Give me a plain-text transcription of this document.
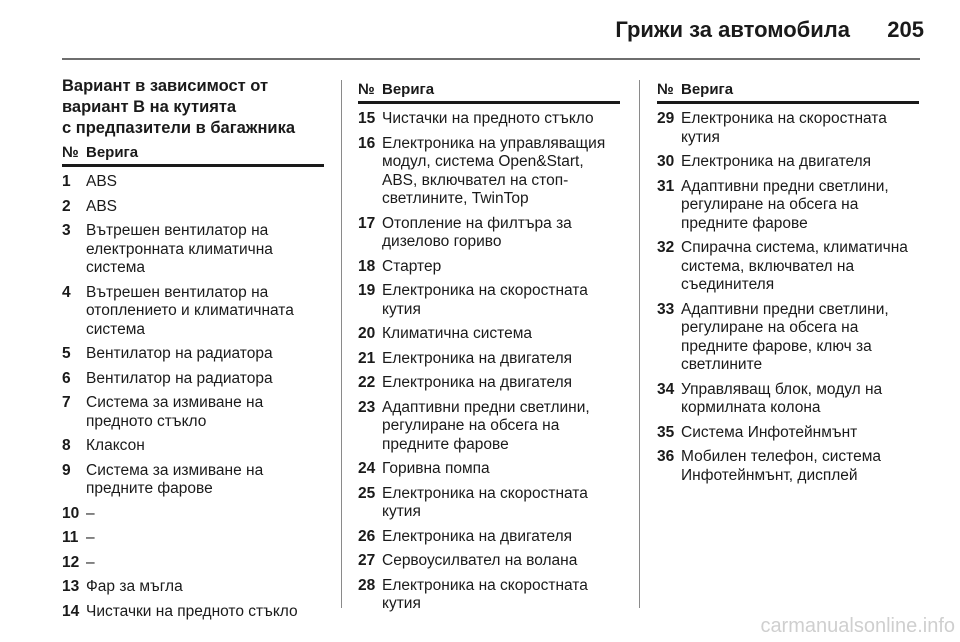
Грижи за автомобила	205
Вариант в зависимост от
вариант B на кутията
с предпазители в багажника
№ Верига
1 ABS
2 ABS
3 Вътрешен вентилатор на електронната климатична система
4 Вътрешен вентилатор на отоплението и климатичната система
5 Вентилатор на радиатора
6 Вентилатор на радиатора
7 Система за измиване на предното стъкло
8 Клаксон
9 Система за измиване на предните фарове
10 –
11 –
12 –
13 Фар за мъгла
14 Чистачки на предното стъкло
№ Верига
15 Чистачки на предното стъкло
16 Електроника на управляващия модул, система Open&Start, ABS, включвател на стоп-светлините, TwinTop
17 Отопление на филтъра за дизелово гориво
18 Стартер
19 Електроника на скоростната кутия
20 Климатична система
21 Електроника на двигателя
22 Електроника на двигателя
23 Адаптивни предни светлини, регулиране на обсега на предните фарове
24 Горивна помпа
25 Електроника на скоростната кутия
26 Електроника на двигателя
27 Сервоусилвател на волана
28 Електроника на скоростната кутия
№ Верига
29 Електроника на скоростната кутия
30 Електроника на двигателя
31 Адаптивни предни светлини, регулиране на обсега на предните фарове
32 Спирачна система, климатична система, включвател на съединителя
33 Адаптивни предни светлини, регулиране на обсега на предните фарове, ключ за светлините
34 Управляващ блок, модул на кормилната колона
35 Система Инфотейнмънт
36 Мобилен телефон, система Инфотейнмънт, дисплей
carmanualsonline.info
